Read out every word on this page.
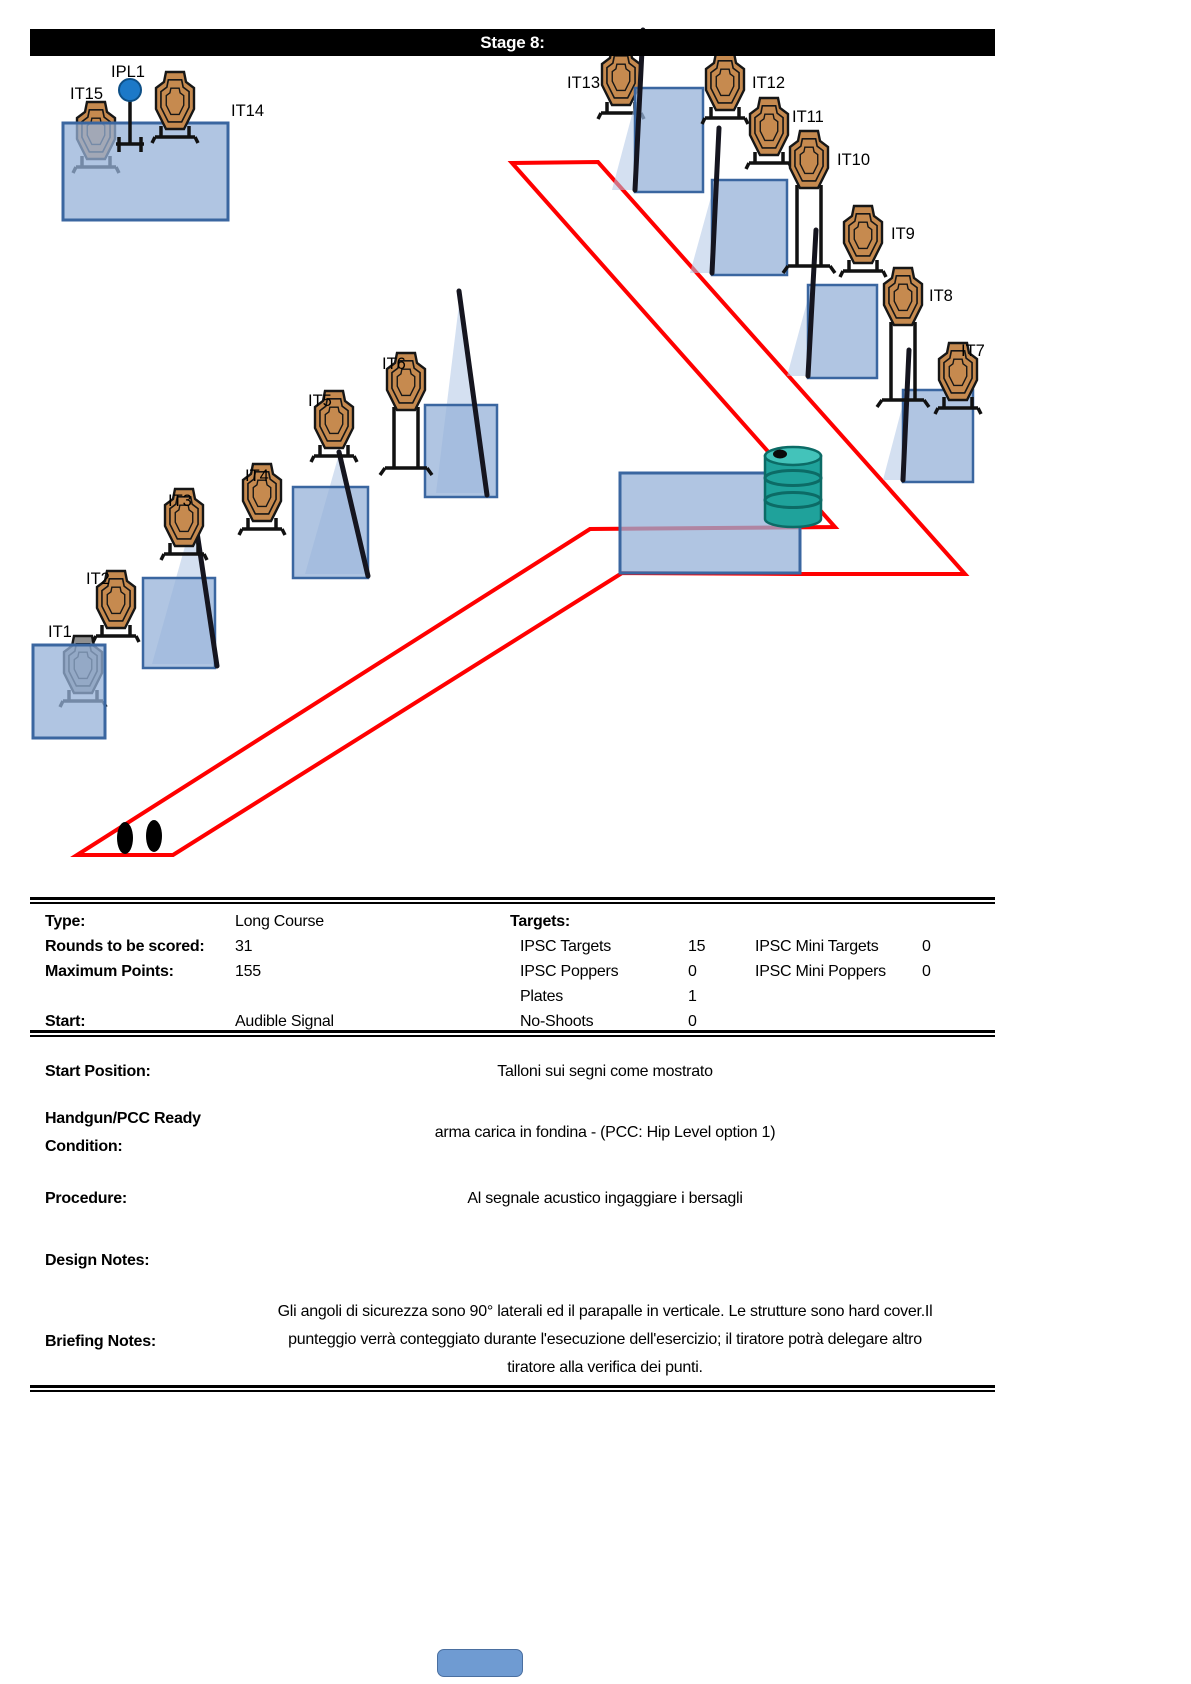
IT15
IT1
IT14
IT13	IT12
IT11
IT10
IT9
IT8
IT7
IT6
IT5
IT4
IT3
IT2
IPL1
Stage 8:
Type:	Long Course	Targets:
Rounds to be scored: 31	IPSC Targets	15	IPSC Mini Targets	0
Maximum Points:	155	IPSC Poppers	0	IPSC Mini Poppers 0
Plates	1
Start:	Audible Signal	No-Shoots	0
Start Position:	Talloni sui segni come mostrato
Handgun/PCC Ready
Condition:
arma carica in fondina - (PCC: Hip Level option 1)
Procedure:	Al segnale acustico ingaggiare i bersagli
Design Notes:
Briefing Notes:
Gli angoli di sicurezza sono 90° laterali ed il parapalle in verticale. Le strutture sono hard cover.Il
punteggio verrà conteggiato durante l'esecuzione dell'esercizio; il tiratore potrà delegare altro
tiratore alla verifica dei punti.
